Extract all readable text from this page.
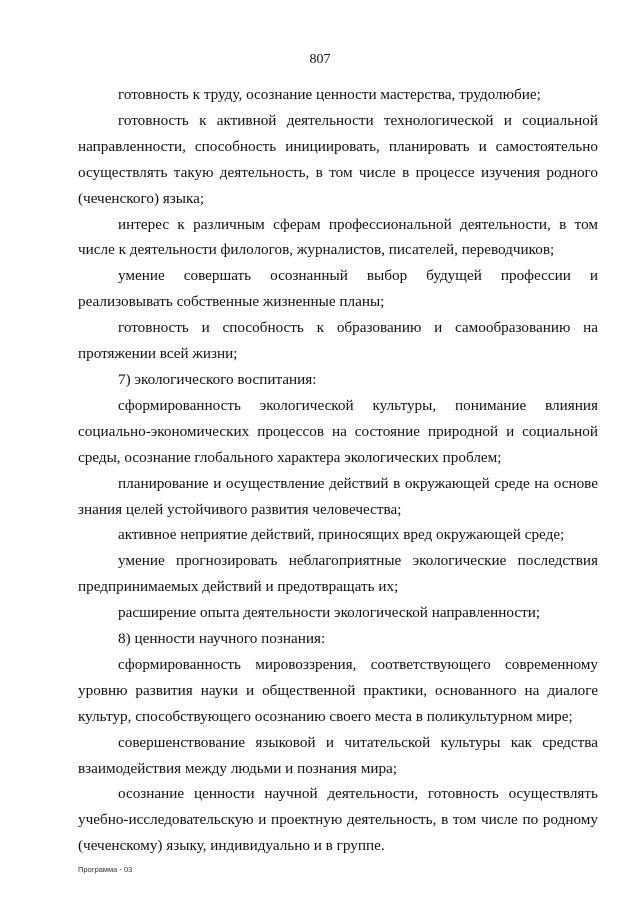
807

готовность к труду, осознание ценности мастерства, трудолюбие;

готовность к активной деятельности технологической и социальной направленности, способность инициировать, планировать и самостоятельно осуществлять такую деятельность, в том числе в процессе изучения родного (чеченского) языка;

интерес к различным сферам профессиональной деятельности, в том числе к деятельности филологов, журналистов, писателей, переводчиков;

умение совершать осознанный выбор будущей профессии и реализовывать собственные жизненные планы;

готовность и способность к образованию и самообразованию на протяжении всей жизни;

7) экологического воспитания:

сформированность экологической культуры, понимание влияния социально-экономических процессов на состояние природной и социальной среды, осознание глобального характера экологических проблем;

планирование и осуществление действий в окружающей среде на основе знания целей устойчивого развития человечества;

активное неприятие действий, приносящих вред окружающей среде;

умение прогнозировать неблагоприятные экологические последствия предпринимаемых действий и предотвращать их;

расширение опыта деятельности экологической направленности;

8) ценности научного познания:

сформированность мировоззрения, соответствующего современному уровню развития науки и общественной практики, основанного на диалоге культур, способствующего осознанию своего места в поликультурном мире;

совершенствование языковой и читательской культуры как средства взаимодействия между людьми и познания мира;

осознание ценности научной деятельности, готовность осуществлять учебно-исследовательскую и проектную деятельность, в том числе по родному (чеченскому) языку, индивидуально и в группе.

Программа - 03
